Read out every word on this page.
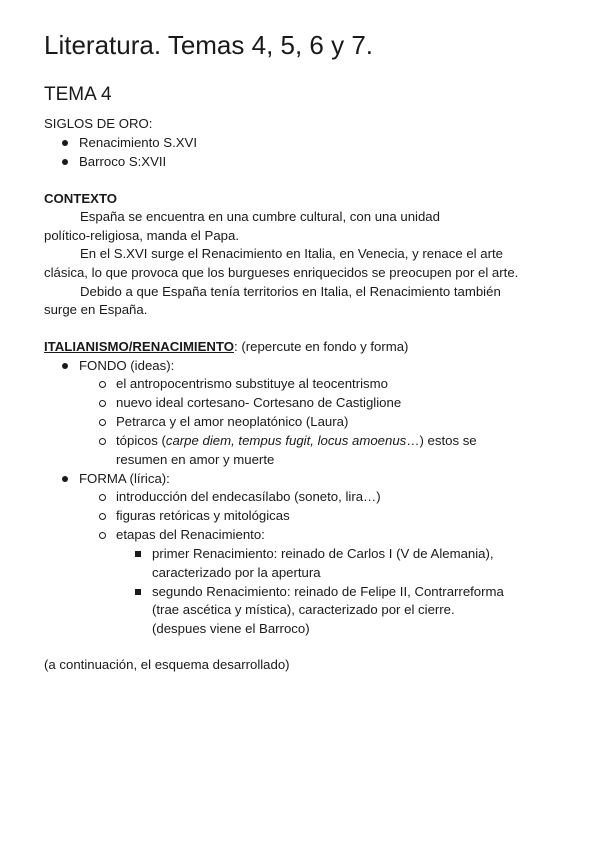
Literatura. Temas 4, 5, 6 y 7.
TEMA 4
SIGLOS DE ORO:
Renacimiento S.XVI
Barroco S:XVII
CONTEXTO
España se encuentra en una cumbre cultural, con una unidad
político-religiosa, manda el Papa.
En el S.XVI surge el Renacimiento en Italia, en Venecia, y renace el arte
clásica, lo que provoca que los burgueses enriquecidos se preocupen por el arte.
Debido a que España tenía territorios en Italia, el Renacimiento también
surge en España.
ITALIANISMO/RENACIMIENTO: (repercute en fondo y forma)
FONDO (ideas):
el antropocentrismo substituye al teocentrismo
nuevo ideal cortesano- Cortesano de Castiglione
Petrarca y el amor neoplatónico (Laura)
tópicos (carpe diem, tempus fugit, locus amoenus…) estos se
resumen en amor y muerte
FORMA (lírica):
introducción del endecasílabo (soneto, lira…)
figuras retóricas y mitológicas
etapas del Renacimiento:
primer Renacimiento: reinado de Carlos I (V de Alemania),
caracterizado por la apertura
segundo Renacimiento: reinado de Felipe II, Contrarreforma
(trae ascética y mística), caracterizado por el cierre.
(despues viene el Barroco)
(a continuación, el esquema desarrollado)
